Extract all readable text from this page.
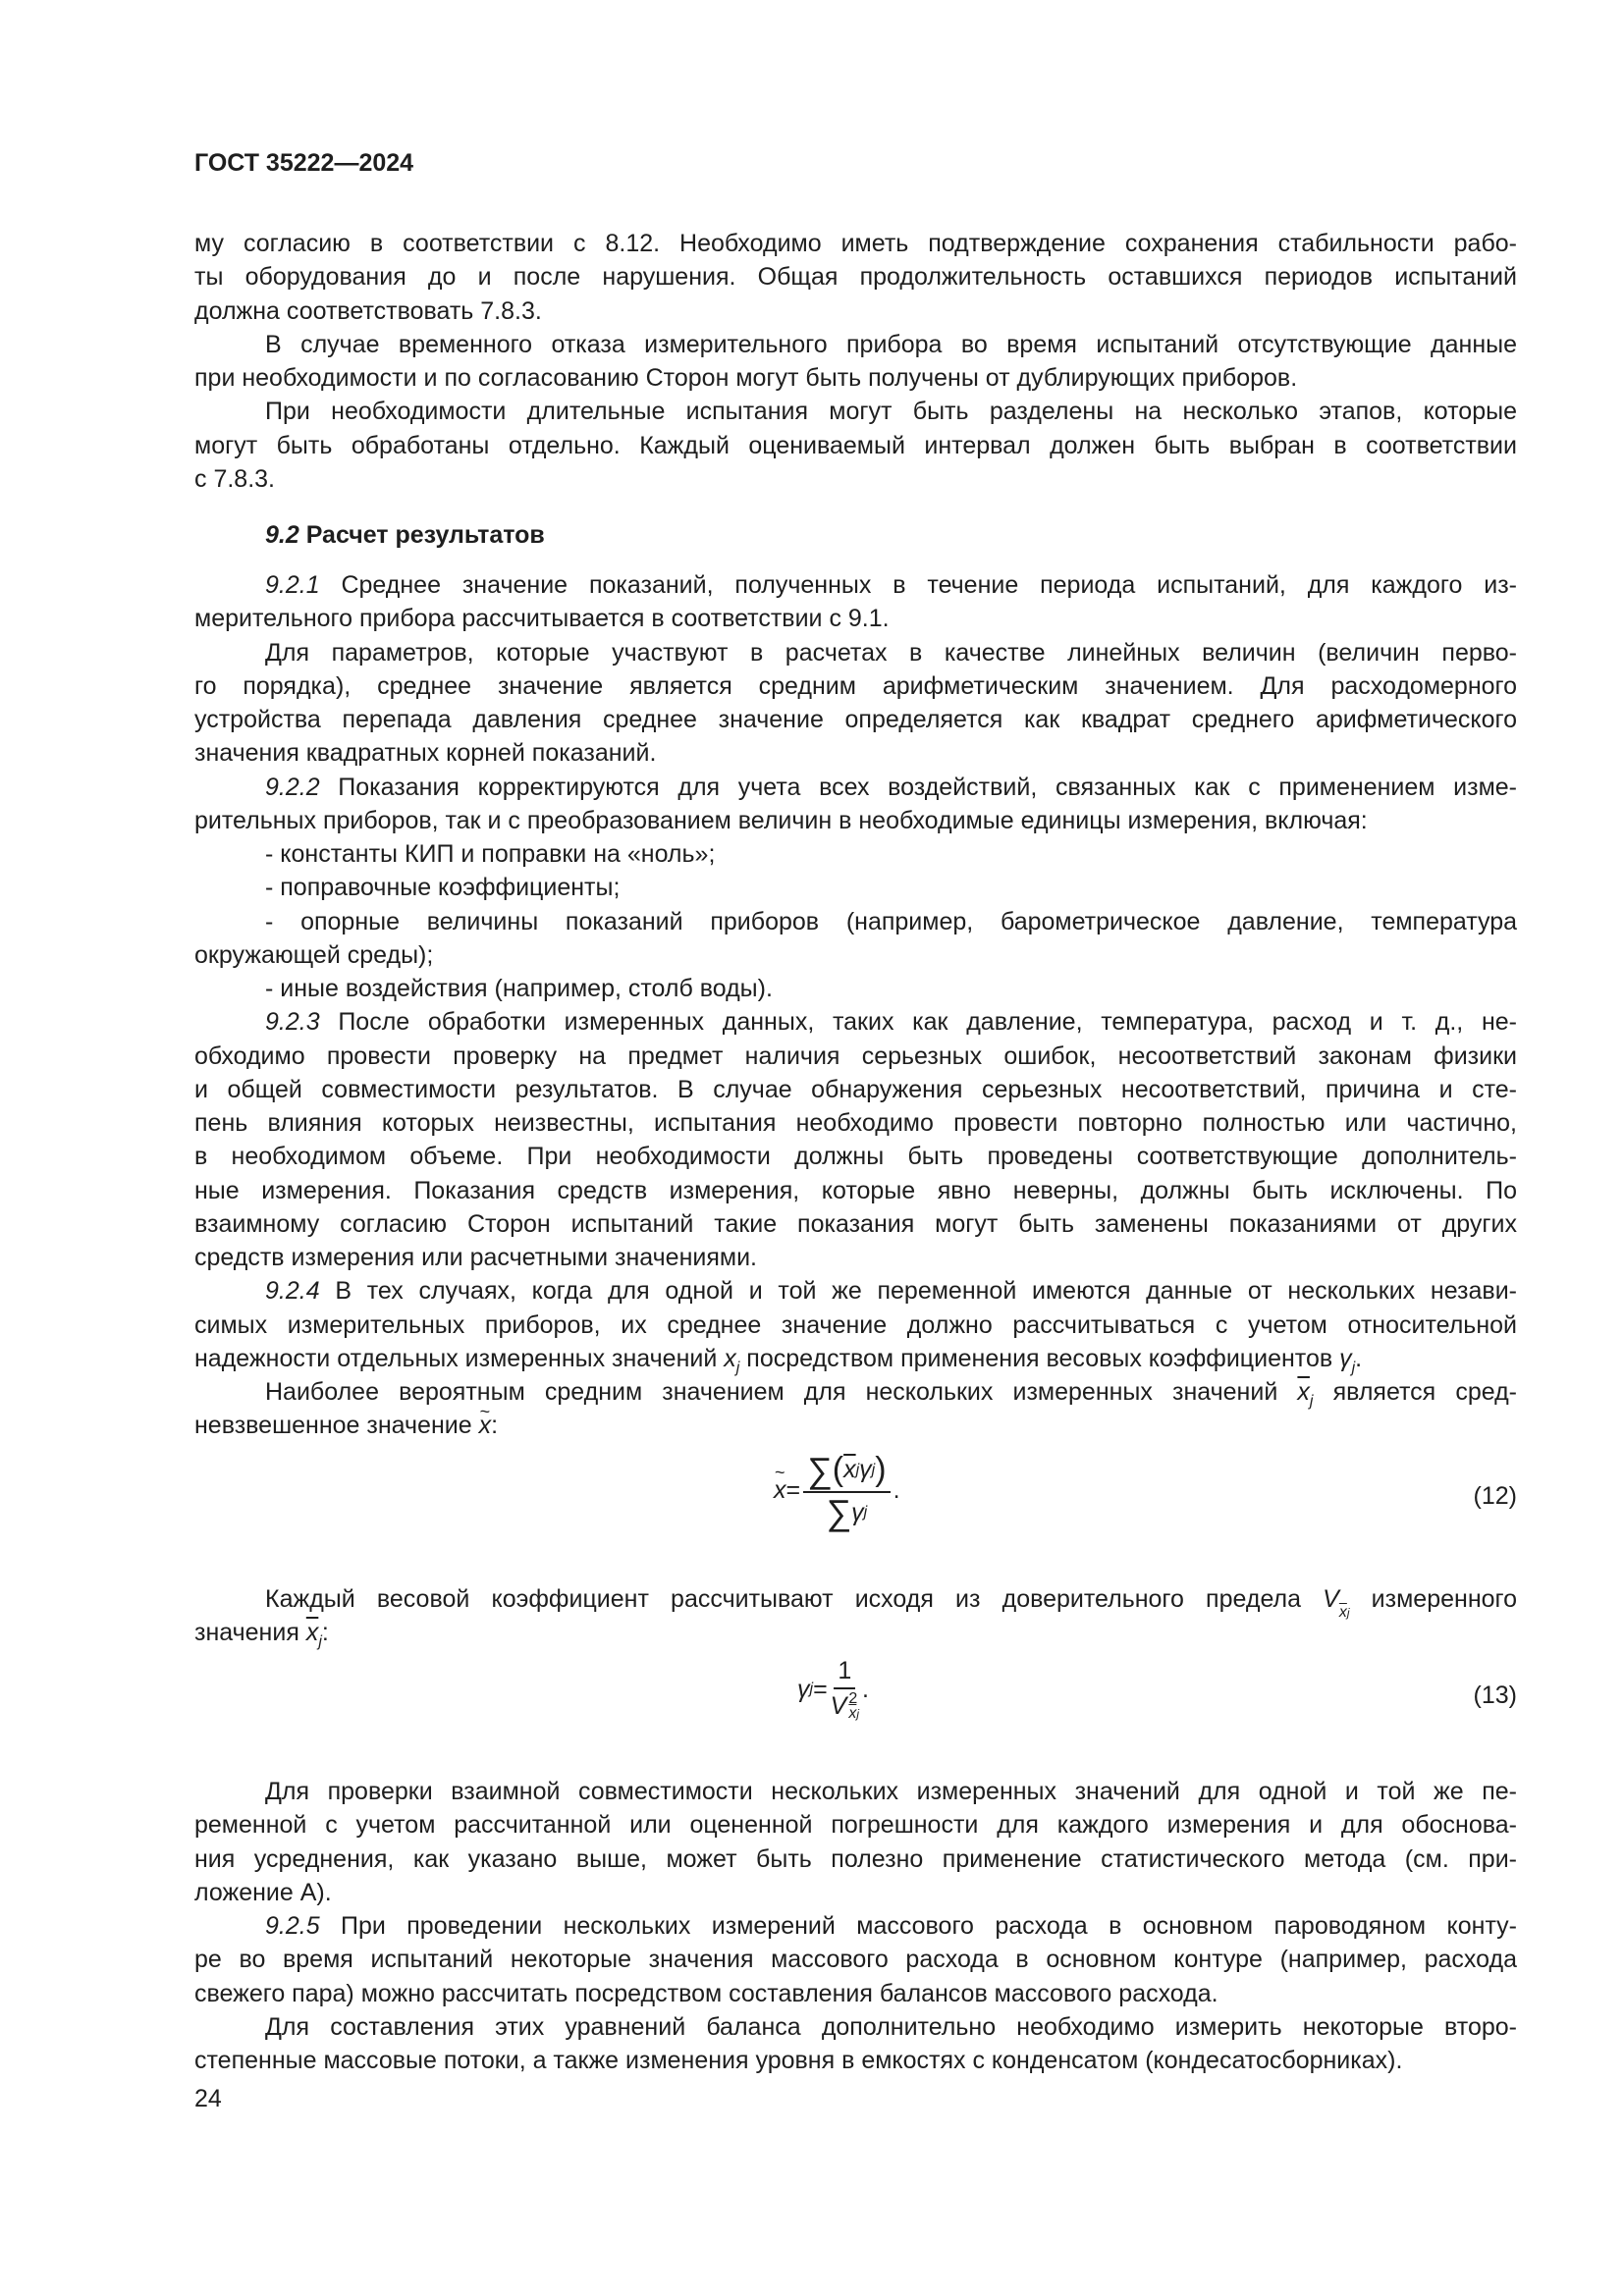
ГОСТ 35222—2024
му согласию в соответствии с 8.12. Необходимо иметь подтверждение сохранения стабильности рабо-
ты оборудования до и после нарушения. Общая продолжительность оставшихся периодов испытаний
должна соответствовать 7.8.3.
В случае временного отказа измерительного прибора во время испытаний отсутствующие данные
при необходимости и по согласованию Сторон могут быть получены от дублирующих приборов.
При необходимости длительные испытания могут быть разделены на несколько этапов, которые
могут быть обработаны отдельно. Каждый оцениваемый интервал должен быть выбран в соответствии
с 7.8.3.
9.2 Расчет результатов
9.2.1 Среднее значение показаний, полученных в течение периода испытаний, для каждого из-
мерительного прибора рассчитывается в соответствии с 9.1.
Для параметров, которые участвуют в расчетах в качестве линейных величин (величин перво-
го порядка), среднее значение является средним арифметическим значением. Для расходомерного
устройства перепада давления среднее значение определяется как квадрат среднего арифметического
значения квадратных корней показаний.
9.2.2 Показания корректируются для учета всех воздействий, связанных как с применением изме-
рительных приборов, так и с преобразованием величин в необходимые единицы измерения, включая:
- константы КИП и поправки на «ноль»;
- поправочные коэффициенты;
- опорные величины показаний приборов (например, барометрическое давление, температура
окружающей среды);
- иные воздействия (например, столб воды).
9.2.3 После обработки измеренных данных, таких как давление, температура, расход и т. д., не-
обходимо провести проверку на предмет наличия серьезных ошибок, несоответствий законам физики
и общей совместимости результатов. В случае обнаружения серьезных несоответствий, причина и сте-
пень влияния которых неизвестны, испытания необходимо провести повторно полностью или частично,
в необходимом объеме. При необходимости должны быть проведены соответствующие дополнитель-
ные измерения. Показания средств измерения, которые явно неверны, должны быть исключены. По
взаимному согласию Сторон испытаний такие показания могут быть заменены показаниями от других
средств измерения или расчетными значениями.
9.2.4 В тех случаях, когда для одной и той же переменной имеются данные от нескольких незави-
симых измерительных приборов, их среднее значение должно рассчитываться с учетом относительной
надежности отдельных измеренных значений $x_j$ посредством применения весовых коэффициентов $\gamma_j$.
Наиболее вероятным средним значением для нескольких измеренных значений $\overline{x}_j$ является сред-
невзвешенное значение ~ x:
~ $x = \frac{\sum ( \overline{x} j \gamma j )}{\text{∑ γ j}}$ .	(12)
Каждый весовой коэффициент рассчитывают исходя из доверительного предела $V\overline{x}j$ измеренного
значения $\overline{x}_j$:
γ j = 1
V 2
$\overline{x}j$ .	(13)
Для проверки взаимной совместимости нескольких измеренных значений для одной и той же пе-
ременной с учетом рассчитанной или оцененной погрешности для каждого измерения и для обоснова-
ния усреднения, как указано выше, может быть полезно применение статистического метода (см. при-
ложение А).
9.2.5 При проведении нескольких измерений массового расхода в основном пароводяном конту-
ре во время испытаний некоторые значения массового расхода в основном контуре (например, расхода
свежего пара) можно рассчитать посредством составления балансов массового расхода.
Для составления этих уравнений баланса дополнительно необходимо измерить некоторые второ-
степенные массовые потоки, а также изменения уровня в емкостях с конденсатом (кондесатосборниках).
24
